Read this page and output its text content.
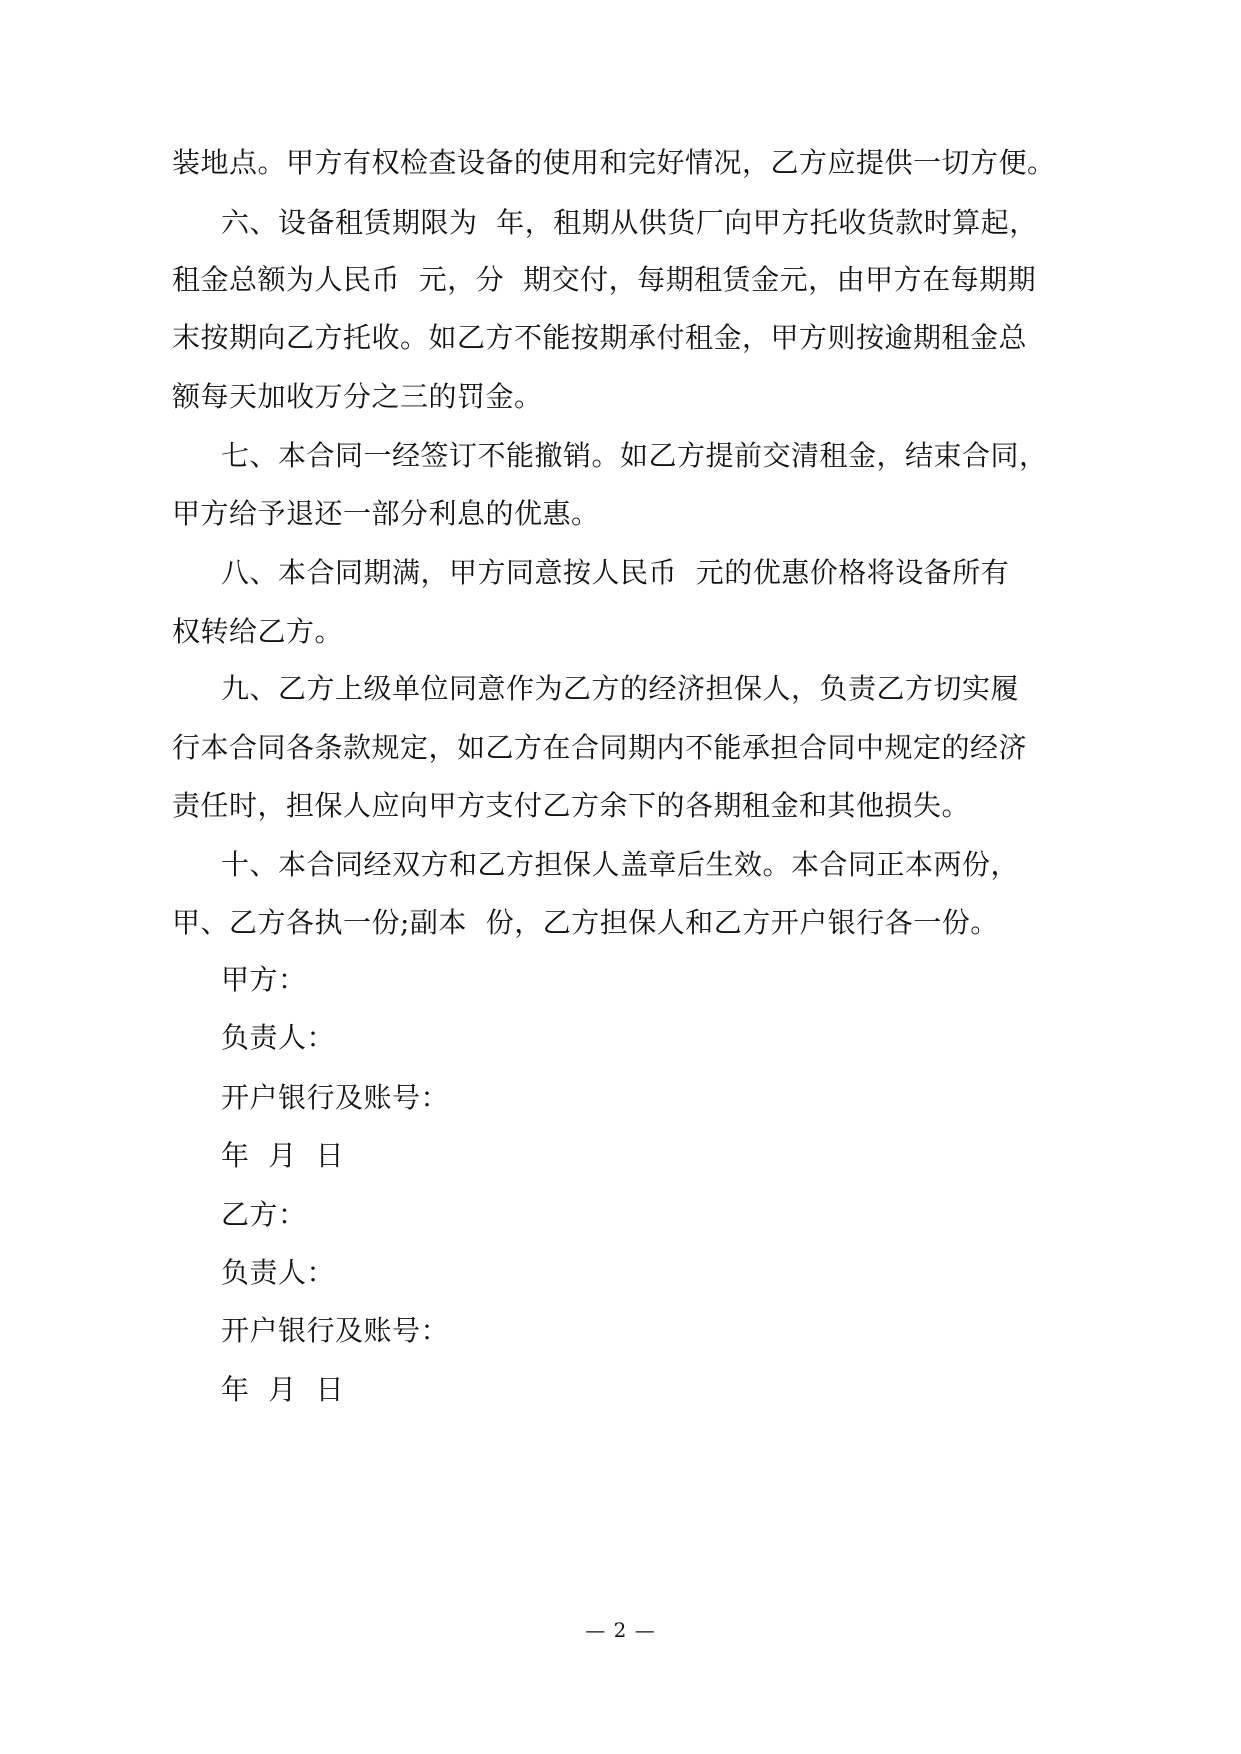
装地点。甲方有权检查设备的使用和完好情况，乙方应提供一切方便。
六、设备租赁期限为  年，租期从供货厂向甲方托收货款时算起，
租金总额为人民币  元，分  期交付，每期租赁金元，由甲方在每期期
末按期向乙方托收。如乙方不能按期承付租金，甲方则按逾期租金总
额每天加收万分之三的罚金。
七、本合同一经签订不能撤销。如乙方提前交清租金，结束合同，
甲方给予退还一部分利息的优惠。
八、本合同期满，甲方同意按人民币  元的优惠价格将设备所有
权转给乙方。
九、乙方上级单位同意作为乙方的经济担保人，负责乙方切实履
行本合同各条款规定，如乙方在合同期内不能承担合同中规定的经济
责任时，担保人应向甲方支付乙方余下的各期租金和其他损失。
十、本合同经双方和乙方担保人盖章后生效。本合同正本两份，
甲、乙方各执一份;副本  份，乙方担保人和乙方开户银行各一份。
甲方：
负责人：
开户银行及账号：
年  月  日
乙方：
负责人：
开户银行及账号：
年  月  日
— 2 —
